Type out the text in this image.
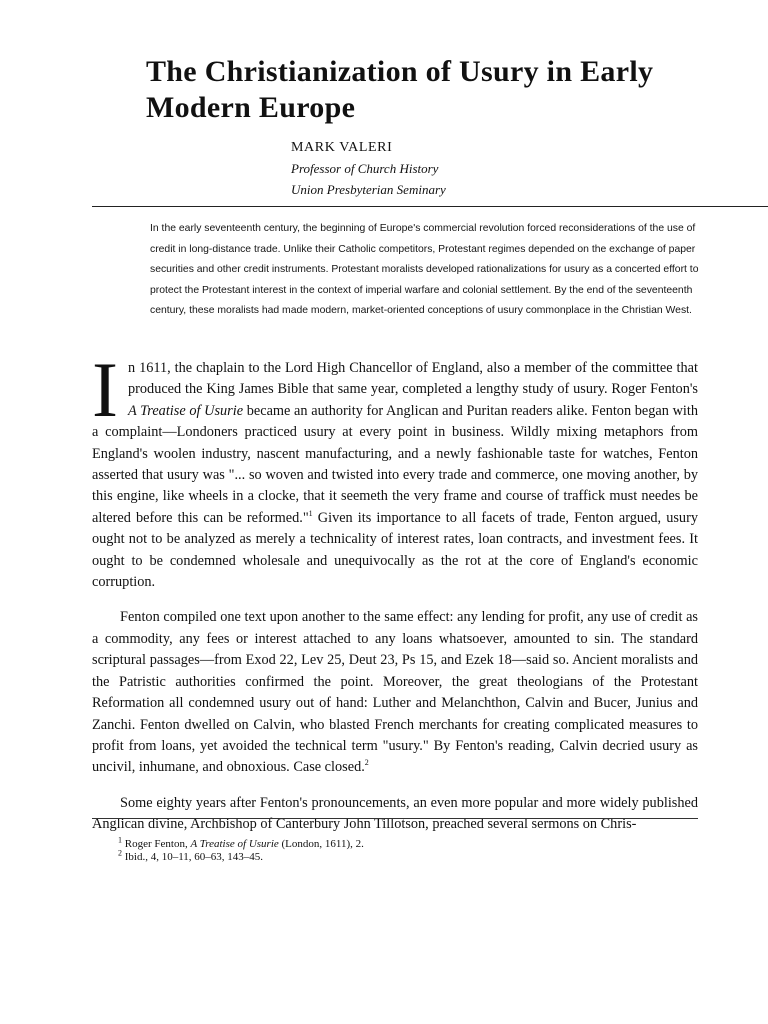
The Christianization of Usury in Early Modern Europe
MARK VALERI
Professor of Church History
Union Presbyterian Seminary

In the early seventeenth century, the beginning of Europe's commercial revolution forced reconsiderations of the use of credit in long-distance trade. Unlike their Catholic competitors, Protestant regimes depended on the exchange of paper securities and other credit instruments. Protestant moralists developed rationalizations for usury as a concerted effort to protect the Protestant interest in the context of imperial warfare and colonial settlement. By the end of the seventeenth century, these moralists had made modern, market-oriented conceptions of usury commonplace in the Christian West.

In 1611, the chaplain to the Lord High Chancellor of England, also a member of the committee that produced the King James Bible that same year, completed a lengthy study of usury. Roger Fenton's A Treatise of Usurie became an authority for Anglican and Puritan readers alike. Fenton began with a complaint—Londoners practiced usury at every point in business. Wildly mixing metaphors from England's woolen industry, nascent manufacturing, and a newly fashionable taste for watches, Fenton asserted that usury was "... so woven and twisted into every trade and commerce, one moving another, by this engine, like wheels in a clocke, that it seemeth the very frame and course of traffick must needes be altered before this can be reformed."$^1$ Given its importance to all facets of trade, Fenton argued, usury ought not to be analyzed as merely a technicality of interest rates, loan contracts, and investment fees. It ought to be condemned wholesale and unequivocally as the rot at the core of England's economic corruption.

Fenton compiled one text upon another to the same effect: any lending for profit, any use of credit as a commodity, any fees or interest attached to any loans whatsoever, amounted to sin. The standard scriptural passages—from Exod 22, Lev 25, Deut 23, Ps 15, and Ezek 18—said so. Ancient moralists and the Patristic authorities confirmed the point. Moreover, the great theologians of the Protestant Reformation all condemned usury out of hand: Luther and Melanchthon, Calvin and Bucer, Junius and Zanchi. Fenton dwelled on Calvin, who blasted French merchants for creating complicated measures to profit from loans, yet avoided the technical term "usury." By Fenton's reading, Calvin decried usury as uncivil, inhumane, and obnoxious. Case closed.$^2$

Some eighty years after Fenton's pronouncements, an even more popular and more widely published Anglican divine, Archbishop of Canterbury John Tillotson, preached several sermons on Chris-

$^1$ Roger Fenton, A Treatise of Usurie (London, 1611), 2.
$^2$ Ibid., 4, 10–11, 60–63, 143–45.
